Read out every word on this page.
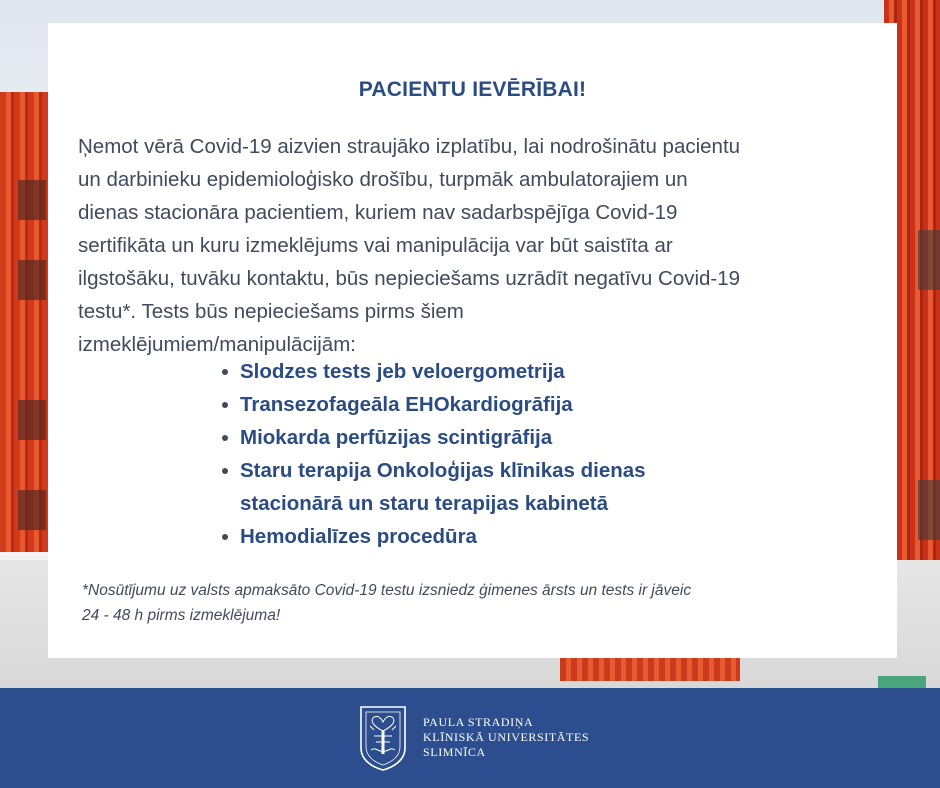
PACIENTU IEVĒRĪBAI!
Ņemot vērā Covid-19 aizvien straujāko izplatību, lai nodrošinātu pacientu
un darbinieku epidemioloģisko drošību, turpmāk ambulatorajiem un
dienas stacionāra pacientiem, kuriem nav sadarbspējīga Covid-19
sertifikāta un kuru izmeklējums vai manipulācija var būt saistīta ar
ilgstošāku, tuvāku kontaktu, būs nepieciešams uzrādīt negatīvu Covid-19
testu*. Tests būs nepieciešams pirms šiem
izmeklējumiem/manipulācijām:
Slodzes tests jeb veloergometrija
Transezofageāla EHOkardiogrāfija
Miokarda perfūzijas scintigrāfija
Staru terapija Onkoloģijas klīnikas dienas
stacionārā un staru terapijas kabinetā
Hemodialīzes procedūra
*Nosūtījumu uz valsts apmaksāto Covid-19 testu izsniedz ģimenes ārsts un tests ir jāveic
24 - 48 h pirms izmeklējuma!
PAULA STRADIŅA
KLĪNISKĀ UNIVERSITĀTES
SLIMNĪCA
